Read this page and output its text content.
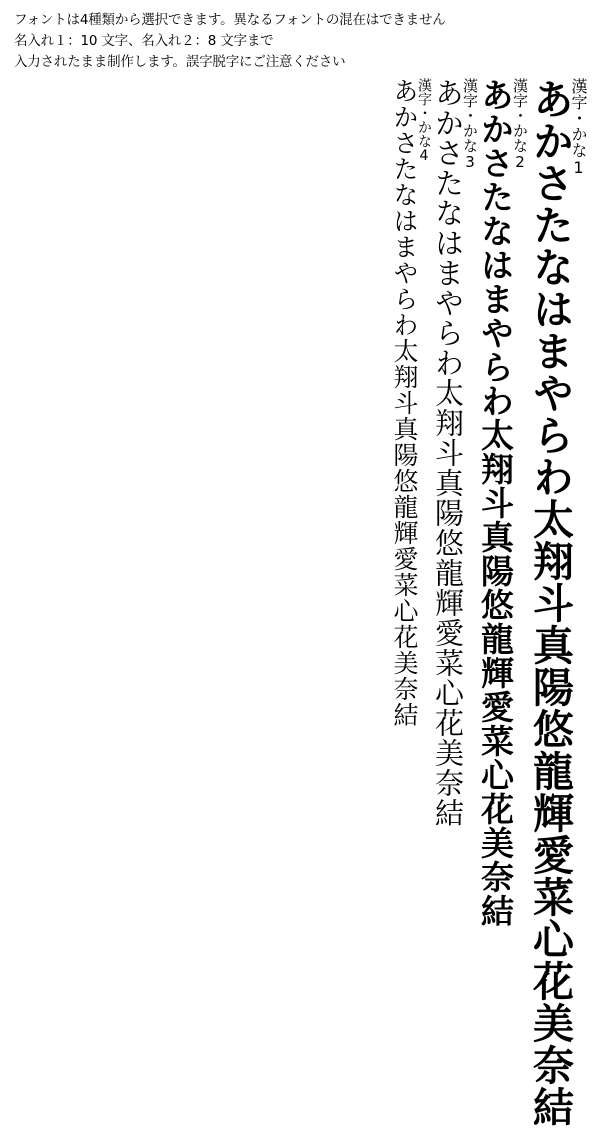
フォントは4種類から選択できます。異なるフォントの混在はできません
名入れ１：10 文字、名入れ２：8 文字まで
入力されたまま制作します。誤字脱字にご注意ください
漢字・かな1
あかさたなはまやらわ太翔斗真陽悠龍輝愛菜心花美奈結
漢字・かな2
あかさたなはまやらわ太翔斗真陽悠龍輝愛菜心花美奈結
漢字・かな3
あかさたなはまやらわ太翔斗真陽悠龍輝愛菜心花美奈結
漢字・かな4
あかさたなはまやらわ太翔斗真陽悠龍輝愛菜心花美奈結
